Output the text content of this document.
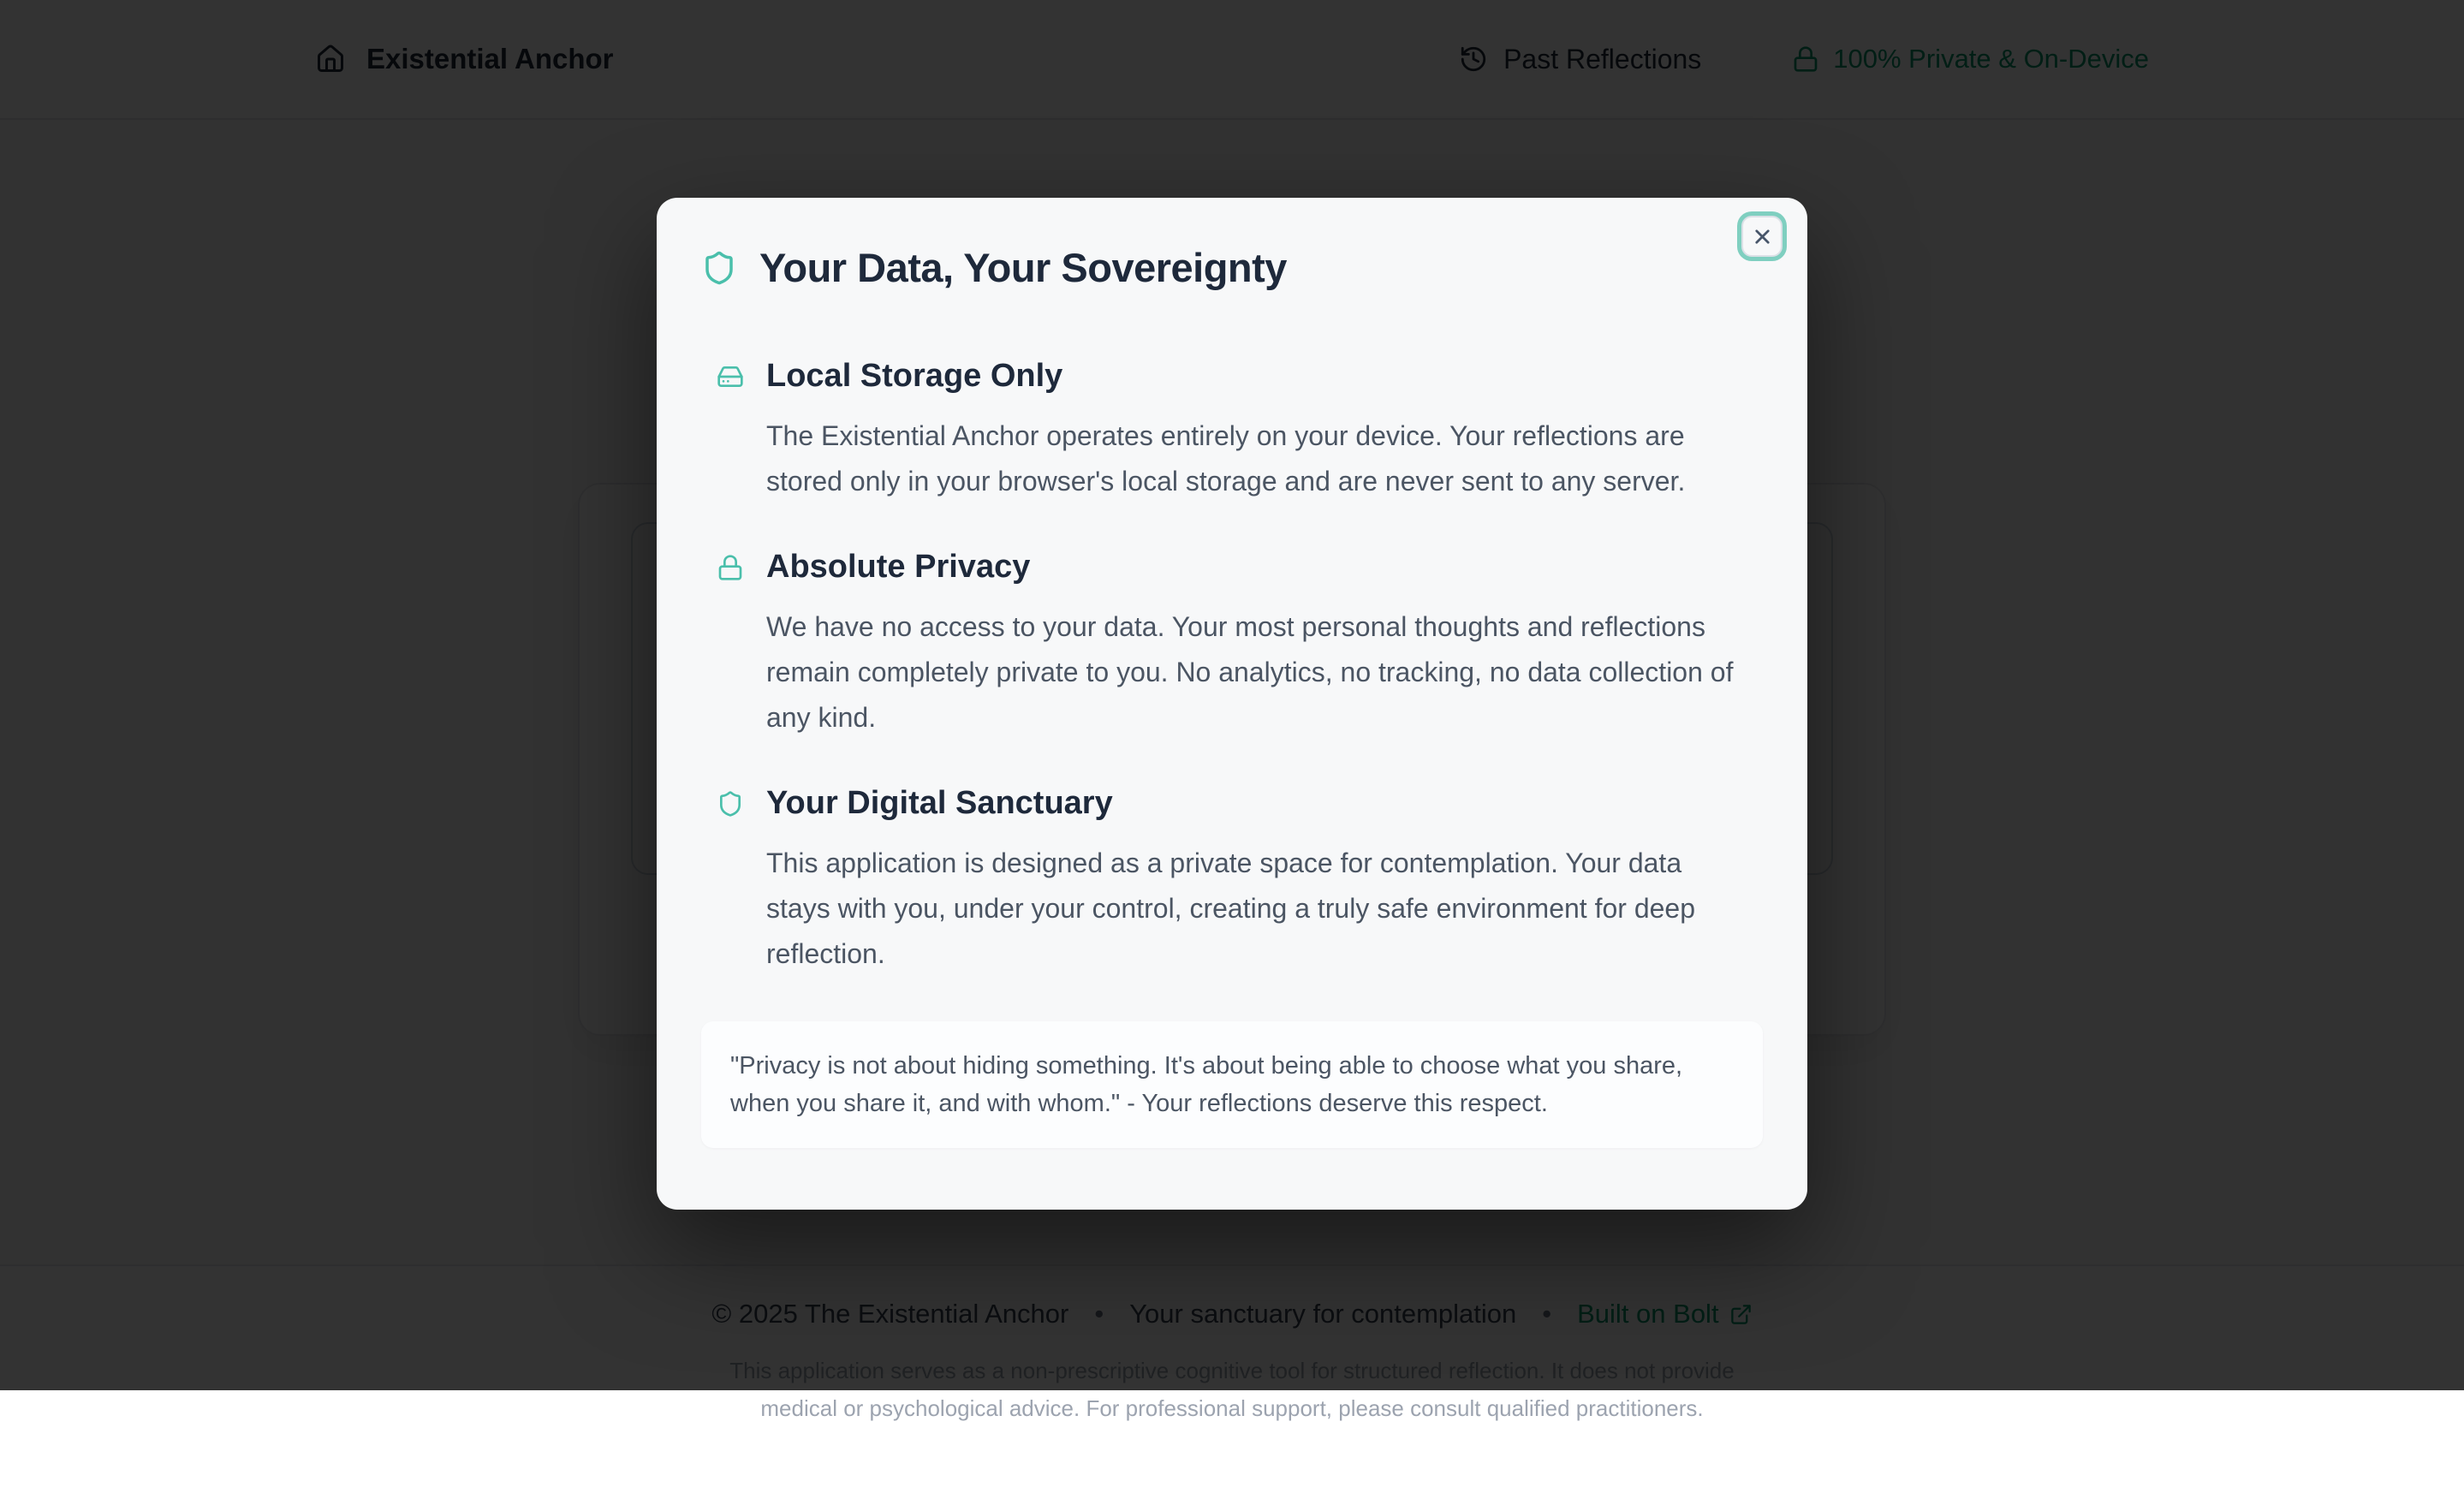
medical or psychological advice. For professional support, please consult qualified practitioners.

Your Data, Your Sovereignty
Local Storage Only

The Existential Anchor operates entirely on your device. Your reflections are stored only in your browser's local storage and are never sent to any server.

Absolute Privacy

We have no access to your data. Your most personal thoughts and reflections remain completely private to you. No analytics, no tracking, no data collection of any kind.

Your Digital Sanctuary

This application is designed as a private space for contemplation. Your data stays with you, under your control, creating a truly safe environment for deep reflection.

"Privacy is not about hiding something. It's about being able to choose what you share, when you share it, and with whom." - Your reflections deserve this respect.
